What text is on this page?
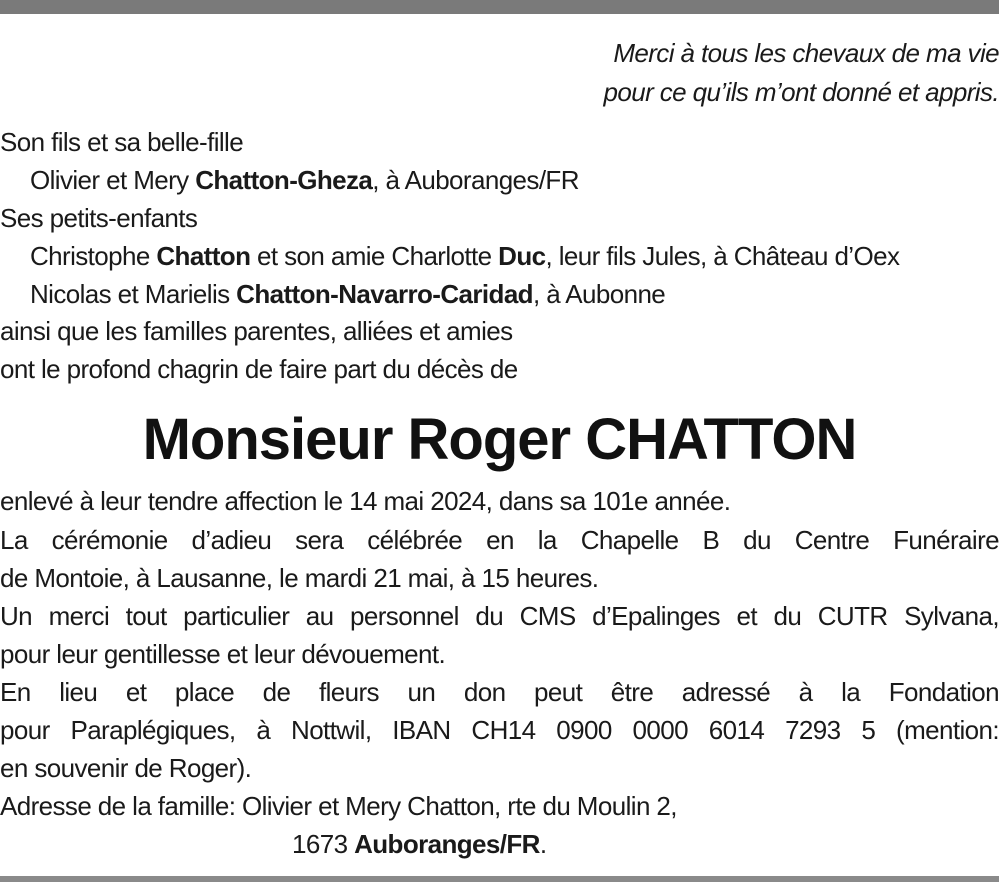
Merci à tous les chevaux de ma vie
pour ce qu’ils m’ont donné et appris.
Son fils et sa belle-fille
Olivier et Mery Chatton-Gheza, à Auboranges/FR
Ses petits-enfants
Christophe Chatton et son amie Charlotte Duc, leur fils Jules, à Château d’Oex
Nicolas et Marielis Chatton-Navarro-Caridad, à Aubonne
ainsi que les familles parentes, alliées et amies
ont le profond chagrin de faire part du décès de
Monsieur Roger CHATTON
enlevé à leur tendre affection le 14 mai 2024, dans sa 101e année.
La cérémonie d’adieu sera célébrée en la Chapelle B du Centre Funéraire
de Montoie, à Lausanne, le mardi 21 mai, à 15 heures.
Un merci tout particulier au personnel du CMS d’Epalinges et du CUTR Sylvana,
pour leur gentillesse et leur dévouement.
En lieu et place de fleurs un don peut être adressé à la Fondation
pour Paraplégiques, à Nottwil, IBAN CH14 0900 0000 6014 7293 5 (mention:
en souvenir de Roger).
Adresse de la famille: Olivier et Mery Chatton, rte du Moulin 2,
1673 Auboranges/FR.
